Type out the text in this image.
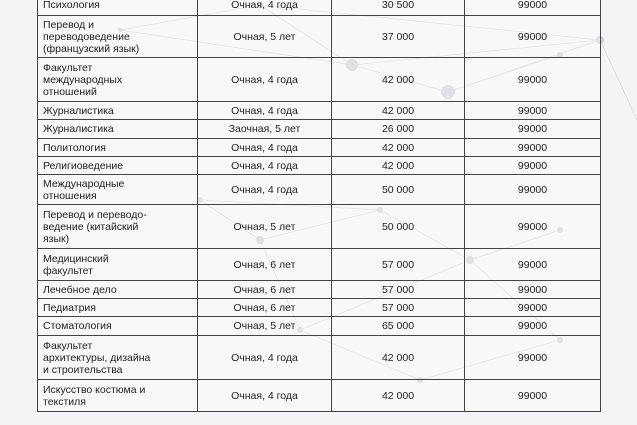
Психология	Очная, 4 года	30 500	99000
Перевод и
переводоведение
(французский язык)	Очная, 5 лет	37 000	99000
Факультет
международных
отношений	Очная, 4 года	42 000	99000
Журналистика	Очная, 4 года	42 000	99000
Журналистика	Заочная, 5 лет	26 000	99000
Политология	Очная, 4 года	42 000	99000
Религиоведение	Очная, 4 года	42 000	99000
Международные
отношения	Очная, 4 года	50 000	99000
Перевод и переводо-
ведение (китайский
язык)	Очная, 5 лет	50 000	99000
Медицинский
факультет	Очная, 6 лет	57 000	99000
Лечебное дело	Очная, 6 лет	57 000	99000
Педиатрия	Очная, 6 лет	57 000	99000
Стоматология	Очная, 5 лет	65 000	99000
Факультет
архитектуры, дизайна
и строительства	Очная, 4 года	42 000	99000
Искусство костюма и
текстиля	Очная, 4 года	42 000	99000
